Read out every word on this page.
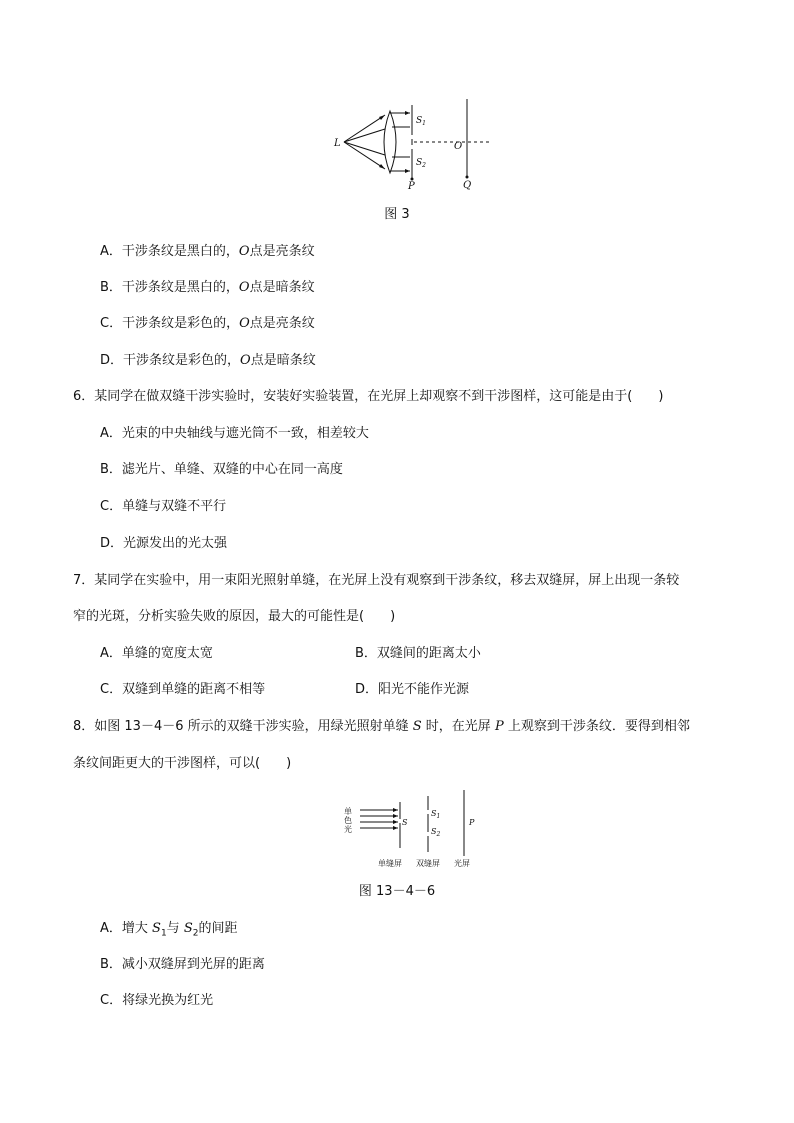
L
$S_1$
$S_2$
O
P	Q
图 3
A．干涉条纹是黑白的，O点是亮条纹
B．干涉条纹是黑白的，O点是暗条纹
C．干涉条纹是彩色的，O点是亮条纹
D．干涉条纹是彩色的，O点是暗条纹
6．某同学在做双缝干涉实验时，安装好实验装置，在光屏上却观察不到干涉图样，这可能是由于(　　)
A．光束的中央轴线与遮光筒不一致，相差较大
B．滤光片、单缝、双缝的中心在同一高度
C．单缝与双缝不平行
D．光源发出的光太强
7．某同学在实验中，用一束阳光照射单缝，在光屏上没有观察到干涉条纹，移去双缝屏，屏上出现一条较
窄的光斑，分析实验失败的原因，最大的可能性是(　　)
A．单缝的宽度太宽	B．双缝间的距离太小
C．双缝到单缝的距离不相等	D．阳光不能作光源
8．如图 13－4－6 所示的双缝干涉实验，用绿光照射单缝 S 时，在光屏 P 上观察到干涉条纹．要得到相邻
条纹间距更大的干涉图样，可以(　　)
单
色
光
S
$S_1$
$S_2$
P
单缝屏 双缝屏 光屏
图 13－4－6
A．增大 $S_1$与 $S_2$的间距
B．减小双缝屏到光屏的距离
C．将绿光换为红光
